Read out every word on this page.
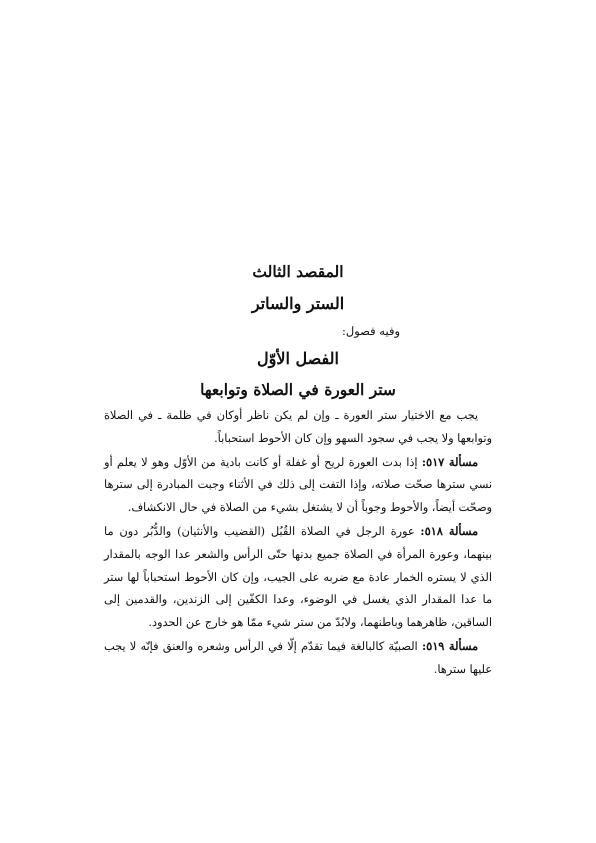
المقصد الثالث
الستر والساتر
وفيه فصول:
الفصل الأوّل
ستر العورة في الصلاة وتوابعها

يجب مع الاختيار ستر العورة ـ وإن لم يكن ناظر أوكان في ظلمة ـ في الصلاة وتوابعها ولا يجب في سجود السهو وإن كان الأحوط استحباباً.

مسألة ٥١٧: إذا بدت العورة لريح أو غفلة أو كانت بادية من الأوّل وهو لا يعلم أو نسي سترها صحّت صلاته، وإذا التفت إلى ذلك في الأثناء وجبت المبادرة إلى سترها وصحّت أيضاً، والأحوط وجوباً أن لا يشتغل بشيء من الصلاة في حال الانكشاف.

مسألة ٥١٨: عورة الرجل في الصلاة القُبُل (القضيب والأنثيان) والدُّبُر دون ما بينهما، وعورة المرأة في الصلاة جميع بدنها حتّى الرأس والشعر عدا الوجه بالمقدار الذي لا يستره الخمار عادة مع ضربه على الجيب، وإن كان الأحوط استحباباً لها ستر ما عدا المقدار الذي يغسل في الوضوء، وعدا الكفّين إلى الزندين، والقدمين إلى الساقين، ظاهرهما وباطنهما، ولابُدّ من ستر شيء ممّا هو خارج عن الحدود.

مسألة ٥١٩: الصبيّة كالبالغة فيما تقدّم إلّا في الرأس وشعره والعنق فإنّه لا يجب عليها سترها.
